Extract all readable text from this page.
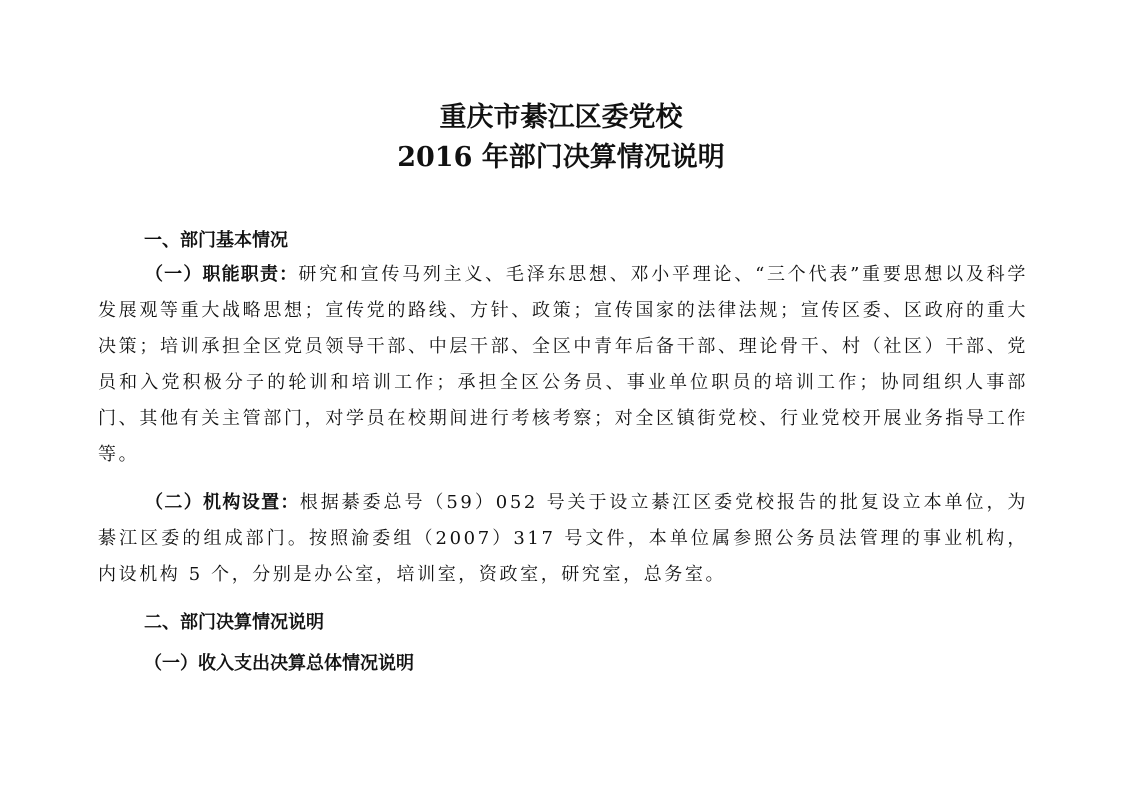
重庆市綦江区委党校
2016 年部门决算情况说明
一、部门基本情况
（一）职能职责：研究和宣传马列主义、毛泽东思想、邓小平理论、“三个代表”重要思想以及科学发展观等重大战略思想；宣传党的路线、方针、政策；宣传国家的法律法规；宣传区委、区政府的重大决策；培训承担全区党员领导干部、中层干部、全区中青年后备干部、理论骨干、村（社区）干部、党员和入党积极分子的轮训和培训工作；承担全区公务员、事业单位职员的培训工作；协同组织人事部门、其他有关主管部门，对学员在校期间进行考核考察；对全区镇街党校、行业党校开展业务指导工作等。
（二）机构设置：根据綦委总号（59）052 号关于设立綦江区委党校报告的批复设立本单位，为綦江区委的组成部门。按照渝委组（2007）317 号文件，本单位属参照公务员法管理的事业机构，内设机构 5 个，分别是办公室，培训室，资政室，研究室，总务室。
二、部门决算情况说明
（一）收入支出决算总体情况说明
